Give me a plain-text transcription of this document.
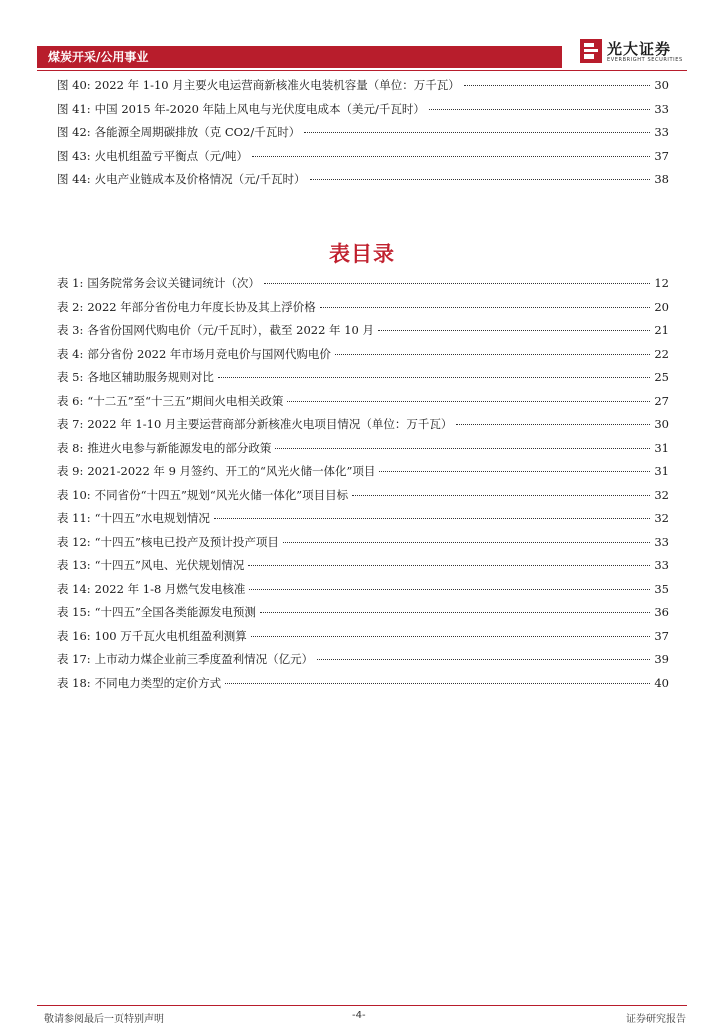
煤炭开采/公用事业	光大证券
EVERBRIGHT SECURITIES
图 40: 2022 年 1-10 月主要火电运营商新核准火电装机容量（单位：万千瓦）	30
图 41: 中国 2015 年-2020 年陆上风电与光伏度电成本（美元/千瓦时）	33
图 42: 各能源全周期碳排放（克 CO2/千瓦时）	33
图 43: 火电机组盈亏平衡点（元/吨）	37
图 44: 火电产业链成本及价格情况（元/千瓦时）	38
表目录
表 1: 国务院常务会议关键词统计（次）	12
表 2: 2022 年部分省份电力年度长协及其上浮价格	20
表 3: 各省份国网代购电价（元/千瓦时），截至 2022 年 10 月	21
表 4: 部分省份 2022 年市场月竞电价与国网代购电价	22
表 5: 各地区辅助服务规则对比	25
表 6: “十二五”至“十三五”期间火电相关政策	27
表 7: 2022 年 1-10 月主要运营商部分新核准火电项目情况（单位：万千瓦）	30
表 8: 推进火电参与新能源发电的部分政策	31
表 9: 2021-2022 年 9 月签约、开工的“风光火储一体化”项目	31
表 10: 不同省份“十四五”规划“风光火储一体化”项目目标	32
表 11: “十四五”水电规划情况	32
表 12: “十四五”核电已投产及预计投产项目	33
表 13: “十四五”风电、光伏规划情况	33
表 14: 2022 年 1-8 月燃气发电核准	35
表 15: “十四五”全国各类能源发电预测	36
表 16: 100 万千瓦火电机组盈利测算	37
表 17: 上市动力煤企业前三季度盈利情况（亿元）	39
表 18: 不同电力类型的定价方式	40
敬请参阅最后一页特别声明	-4-	证券研究报告
